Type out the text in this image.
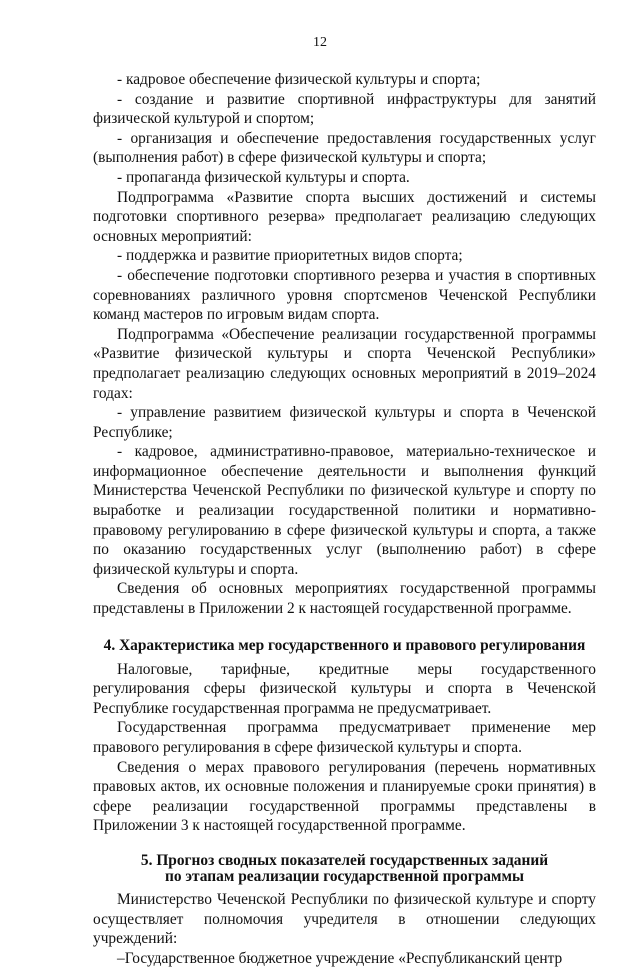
12

- кадровое обеспечение физической культуры и спорта;

- создание и развитие спортивной инфраструктуры для занятий физической культурой и спортом;

- организация и обеспечение предоставления государственных услуг (выполнения работ) в сфере физической культуры и спорта;

- пропаганда физической культуры и спорта.

Подпрограмма «Развитие спорта высших достижений и системы подготовки спортивного резерва» предполагает реализацию следующих основных мероприятий:

- поддержка и развитие приоритетных видов спорта;

- обеспечение подготовки спортивного резерва и участия в спортивных соревнованиях различного уровня спортсменов Чеченской Республики команд мастеров по игровым видам спорта.

Подпрограмма «Обеспечение реализации государственной программы «Развитие физической культуры и спорта Чеченской Республики» предполагает реализацию следующих основных мероприятий в 2019–2024 годах:

- управление развитием физической культуры и спорта в Чеченской Республике;

- кадровое, административно-правовое, материально-техническое и информационное обеспечение деятельности и выполнения функций Министерства Чеченской Республики по физической культуре и спорту по выработке и реализации государственной политики и нормативно-правовому регулированию в сфере физической культуры и спорта, а также по оказанию государственных услуг (выполнению работ) в сфере физической культуры и спорта.

Сведения об основных мероприятиях государственной программы представлены в Приложении 2 к настоящей государственной программе.

4. Характеристика мер государственного и правового регулирования

Налоговые, тарифные, кредитные меры государственного регулирования сферы физической культуры и спорта в Чеченской Республике государственная программа не предусматривает.

Государственная программа предусматривает применение мер правового регулирования в сфере физической культуры и спорта.

Сведения о мерах правового регулирования (перечень нормативных правовых актов, их основные положения и планируемые сроки принятия) в сфере реализации государственной программы представлены в Приложении 3 к настоящей государственной программе.

5. Прогноз сводных показателей государственных заданий

по этапам реализации государственной программы

Министерство Чеченской Республики по физической культуре и спорту осуществляет полномочия учредителя в отношении следующих учреждений:

–Государственное бюджетное учреждение «Республиканский центр
